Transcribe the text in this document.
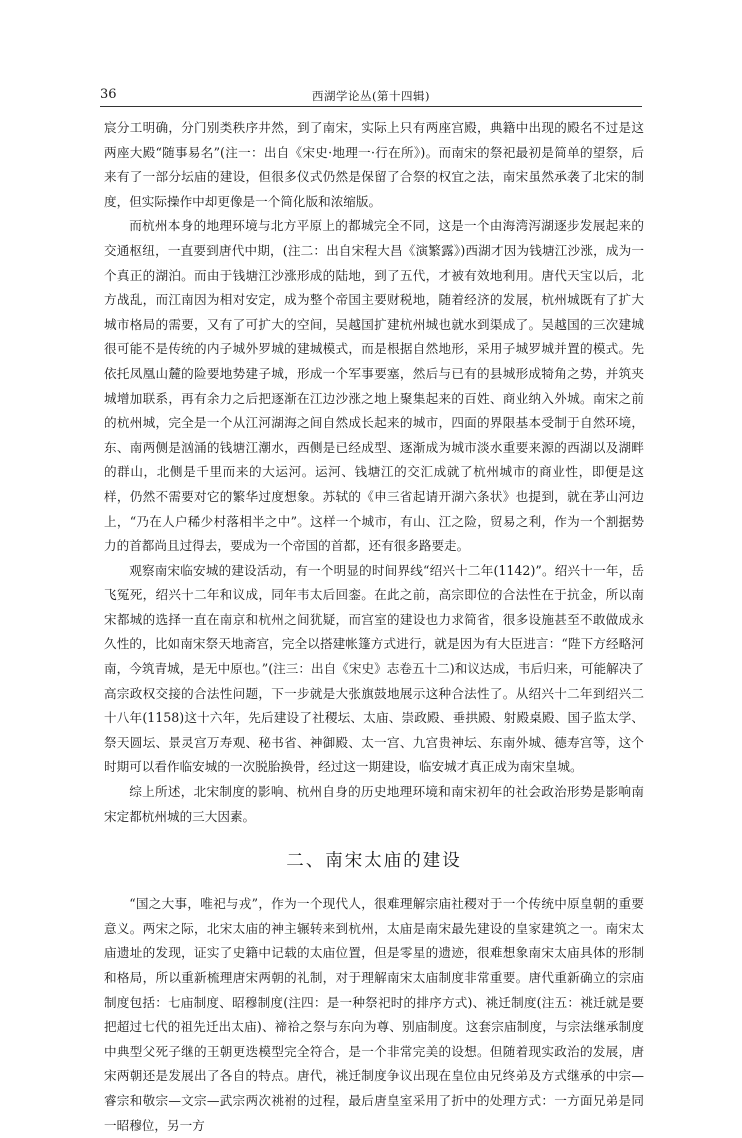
36	西湖学论丛(第十四辑)

宸分工明确，分门别类秩序井然，到了南宋，实际上只有两座宫殿，典籍中出现的殿名不过是这两座大殿“随事易名”(注一：出自《宋史·地理一·行在所》)。而南宋的祭祀最初是简单的望祭，后来有了一部分坛庙的建设，但很多仪式仍然是保留了合祭的权宜之法，南宋虽然承袭了北宋的制度，但实际操作中却更像是一个简化版和浓缩版。

而杭州本身的地理环境与北方平原上的都城完全不同，这是一个由海湾泻湖逐步发展起来的交通枢纽，一直要到唐代中期，(注二：出自宋程大昌《演繁露》)西湖才因为钱塘江沙涨，成为一个真正的湖泊。而由于钱塘江沙涨形成的陆地，到了五代，才被有效地利用。唐代天宝以后，北方战乱，而江南因为相对安定，成为整个帝国主要财税地，随着经济的发展，杭州城既有了扩大城市格局的需要，又有了可扩大的空间，吴越国扩建杭州城也就水到渠成了。吴越国的三次建城很可能不是传统的内子城外罗城的建城模式，而是根据自然地形，采用子城罗城并置的模式。先依托凤凰山麓的险要地势建子城，形成一个军事要塞，然后与已有的县城形成犄角之势，并筑夹城增加联系，再有余力之后把逐渐在江边沙涨之地上聚集起来的百姓、商业纳入外城。南宋之前的杭州城，完全是一个从江河湖海之间自然成长起来的城市，四面的界限基本受制于自然环境，东、南两侧是汹涌的钱塘江潮水，西侧是已经成型、逐渐成为城市淡水重要来源的西湖以及湖畔的群山，北侧是千里而来的大运河。运河、钱塘江的交汇成就了杭州城市的商业性，即便是这样，仍然不需要对它的繁华过度想象。苏轼的《申三省起请开湖六条状》也提到，就在茅山河边上，“乃在人户稀少村落相半之中”。这样一个城市，有山、江之险，贸易之利，作为一个割据势力的首都尚且过得去，要成为一个帝国的首都，还有很多路要走。

观察南宋临安城的建设活动，有一个明显的时间界线“绍兴十二年(1142)”。绍兴十一年，岳飞冤死，绍兴十二年和议成，同年韦太后回銮。在此之前，高宗即位的合法性在于抗金，所以南宋都城的选择一直在南京和杭州之间犹疑，而宫室的建设也力求简省，很多设施甚至不敢做成永久性的，比如南宋祭天地斋宫，完全以搭建帐篷方式进行，就是因为有大臣进言：“陛下方经略河南，今筑青城，是无中原也。”(注三：出自《宋史》志卷五十二)和议达成，韦后归来，可能解决了高宗政权交接的合法性问题，下一步就是大张旗鼓地展示这种合法性了。从绍兴十二年到绍兴二十八年(1158)这十六年，先后建设了社稷坛、太庙、崇政殿、垂拱殿、射殿桌殿、国子监太学、祭天圆坛、景灵宫万寿观、秘书省、神御殿、太一宫、九宫贵神坛、东南外城、德寿宫等，这个时期可以看作临安城的一次脱胎换骨，经过这一期建设，临安城才真正成为南宋皇城。

综上所述，北宋制度的影响、杭州自身的历史地理环境和南宋初年的社会政治形势是影响南宋定都杭州城的三大因素。

二、南宋太庙的建设

“国之大事，唯祀与戎”，作为一个现代人，很难理解宗庙社稷对于一个传统中原皇朝的重要意义。两宋之际，北宋太庙的神主辗转来到杭州，太庙是南宋最先建设的皇家建筑之一。南宋太庙遗址的发现，证实了史籍中记载的太庙位置，但是零星的遗迹，很难想象南宋太庙具体的形制和格局，所以重新梳理唐宋两朝的礼制，对于理解南宋太庙制度非常重要。唐代重新确立的宗庙制度包括：七庙制度、昭穆制度(注四：是一种祭祀时的排序方式)、祧迁制度(注五：祧迁就是要把超过七代的祖先迁出太庙)、禘祫之祭与东向为尊、别庙制度。这套宗庙制度，与宗法继承制度中典型父死子继的王朝更迭模型完全符合，是一个非常完美的设想。但随着现实政治的发展，唐宋两朝还是发展出了各自的特点。唐代，祧迁制度争议出现在皇位由兄终弟及方式继承的中宗—睿宗和敬宗—文宗—武宗两次祧祔的过程，最后唐皇室采用了折中的处理方式：一方面兄弟是同一昭穆位，另一方
